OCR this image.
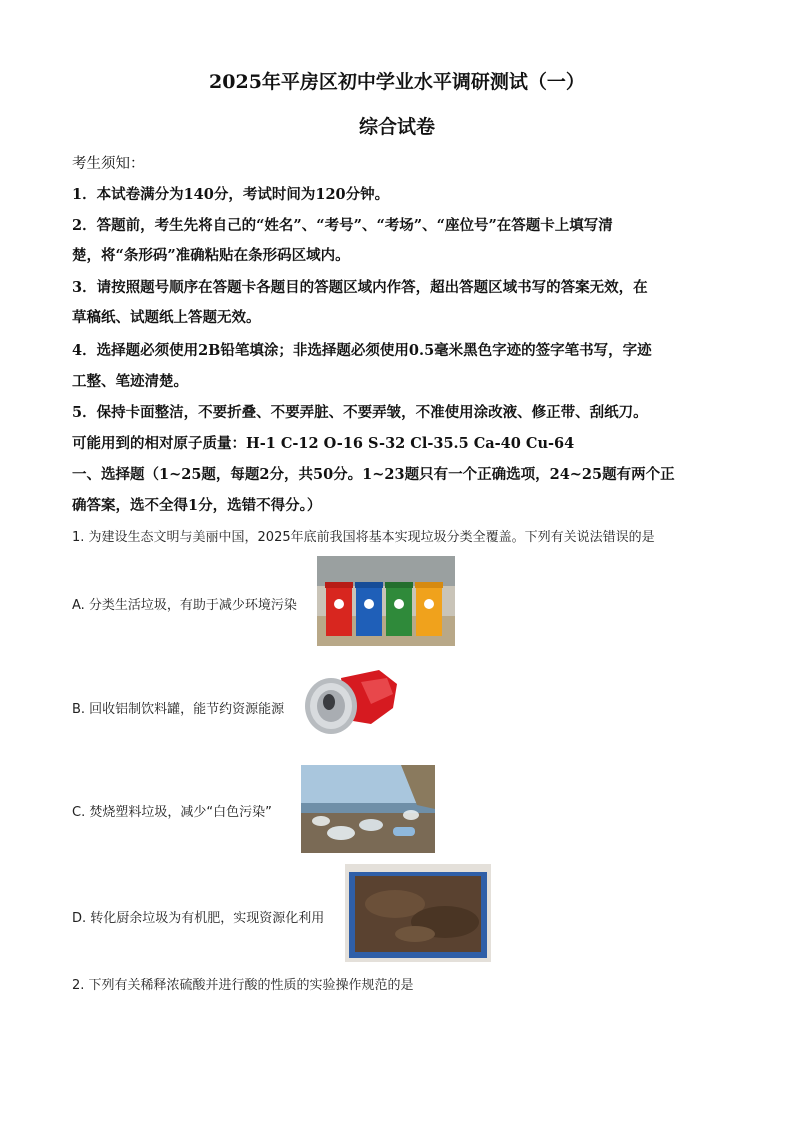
2025年平房区初中学业水平调研测试（一）
综合试卷
考生须知：
1．本试卷满分为140分，考试时间为120分钟。
2．答题前，考生先将自己的“姓名”、“考号”、“考场”、“座位号”在答题卡上填写清
楚，将“条形码”准确粘贴在条形码区域内。
3．请按照题号顺序在答题卡各题目的答题区域内作答，超出答题区域书写的答案无效，在
草稿纸、试题纸上答题无效。
4．选择题必须使用2B铅笔填涂；非选择题必须使用0.5毫米黑色字迹的签字笔书写，字迹
工整、笔迹清楚。
5．保持卡面整洁，不要折叠、不要弄脏、不要弄皱，不准使用涂改液、修正带、刮纸刀。
可能用到的相对原子质量：H-1 C-12 O-16 S-32 Cl-35.5 Ca-40 Cu-64
一、选择题（1~25题，每题2分，共50分。1~23题只有一个正确选项，24~25题有两个正
确答案，选不全得1分，选错不得分。）
1. 为建设生态文明与美丽中国，2025年底前我国将基本实现垃圾分类全覆盖。下列有关说法错误的是
A. 分类生活垃圾，有助于减少环境污染
B. 回收铝制饮料罐，能节约资源能源
C. 焚烧塑料垃圾，减少“白色污染”
D. 转化厨余垃圾为有机肥，实现资源化利用
2. 下列有关稀释浓硫酸并进行酸的性质的实验操作规范的是
